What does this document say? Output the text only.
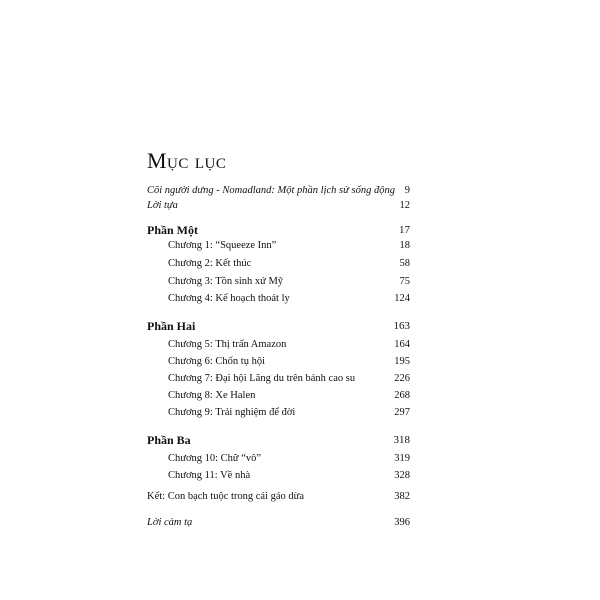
Mục lục
Cõi người dưng - Nomadland: Một phần lịch sử sống động 9
Lời tựa	12
Phần Một	17
Chương 1: “Squeeze Inn”	18
Chương 2: Kết thúc	58
Chương 3: Tồn sinh xứ Mỹ	75
Chương 4: Kế hoạch thoát ly	124
Phần Hai	163
Chương 5: Thị trấn Amazon	164
Chương 6: Chốn tụ hội	195
Chương 7: Đại hội Lãng du trên bánh cao su	226
Chương 8: Xe Halen	268
Chương 9: Trải nghiệm để đời	297
Phần Ba	318
Chương 10: Chữ “vô”	319
Chương 11: Về nhà	328
Kết: Con bạch tuộc trong cái gáo dừa	382
Lời cảm tạ	396
